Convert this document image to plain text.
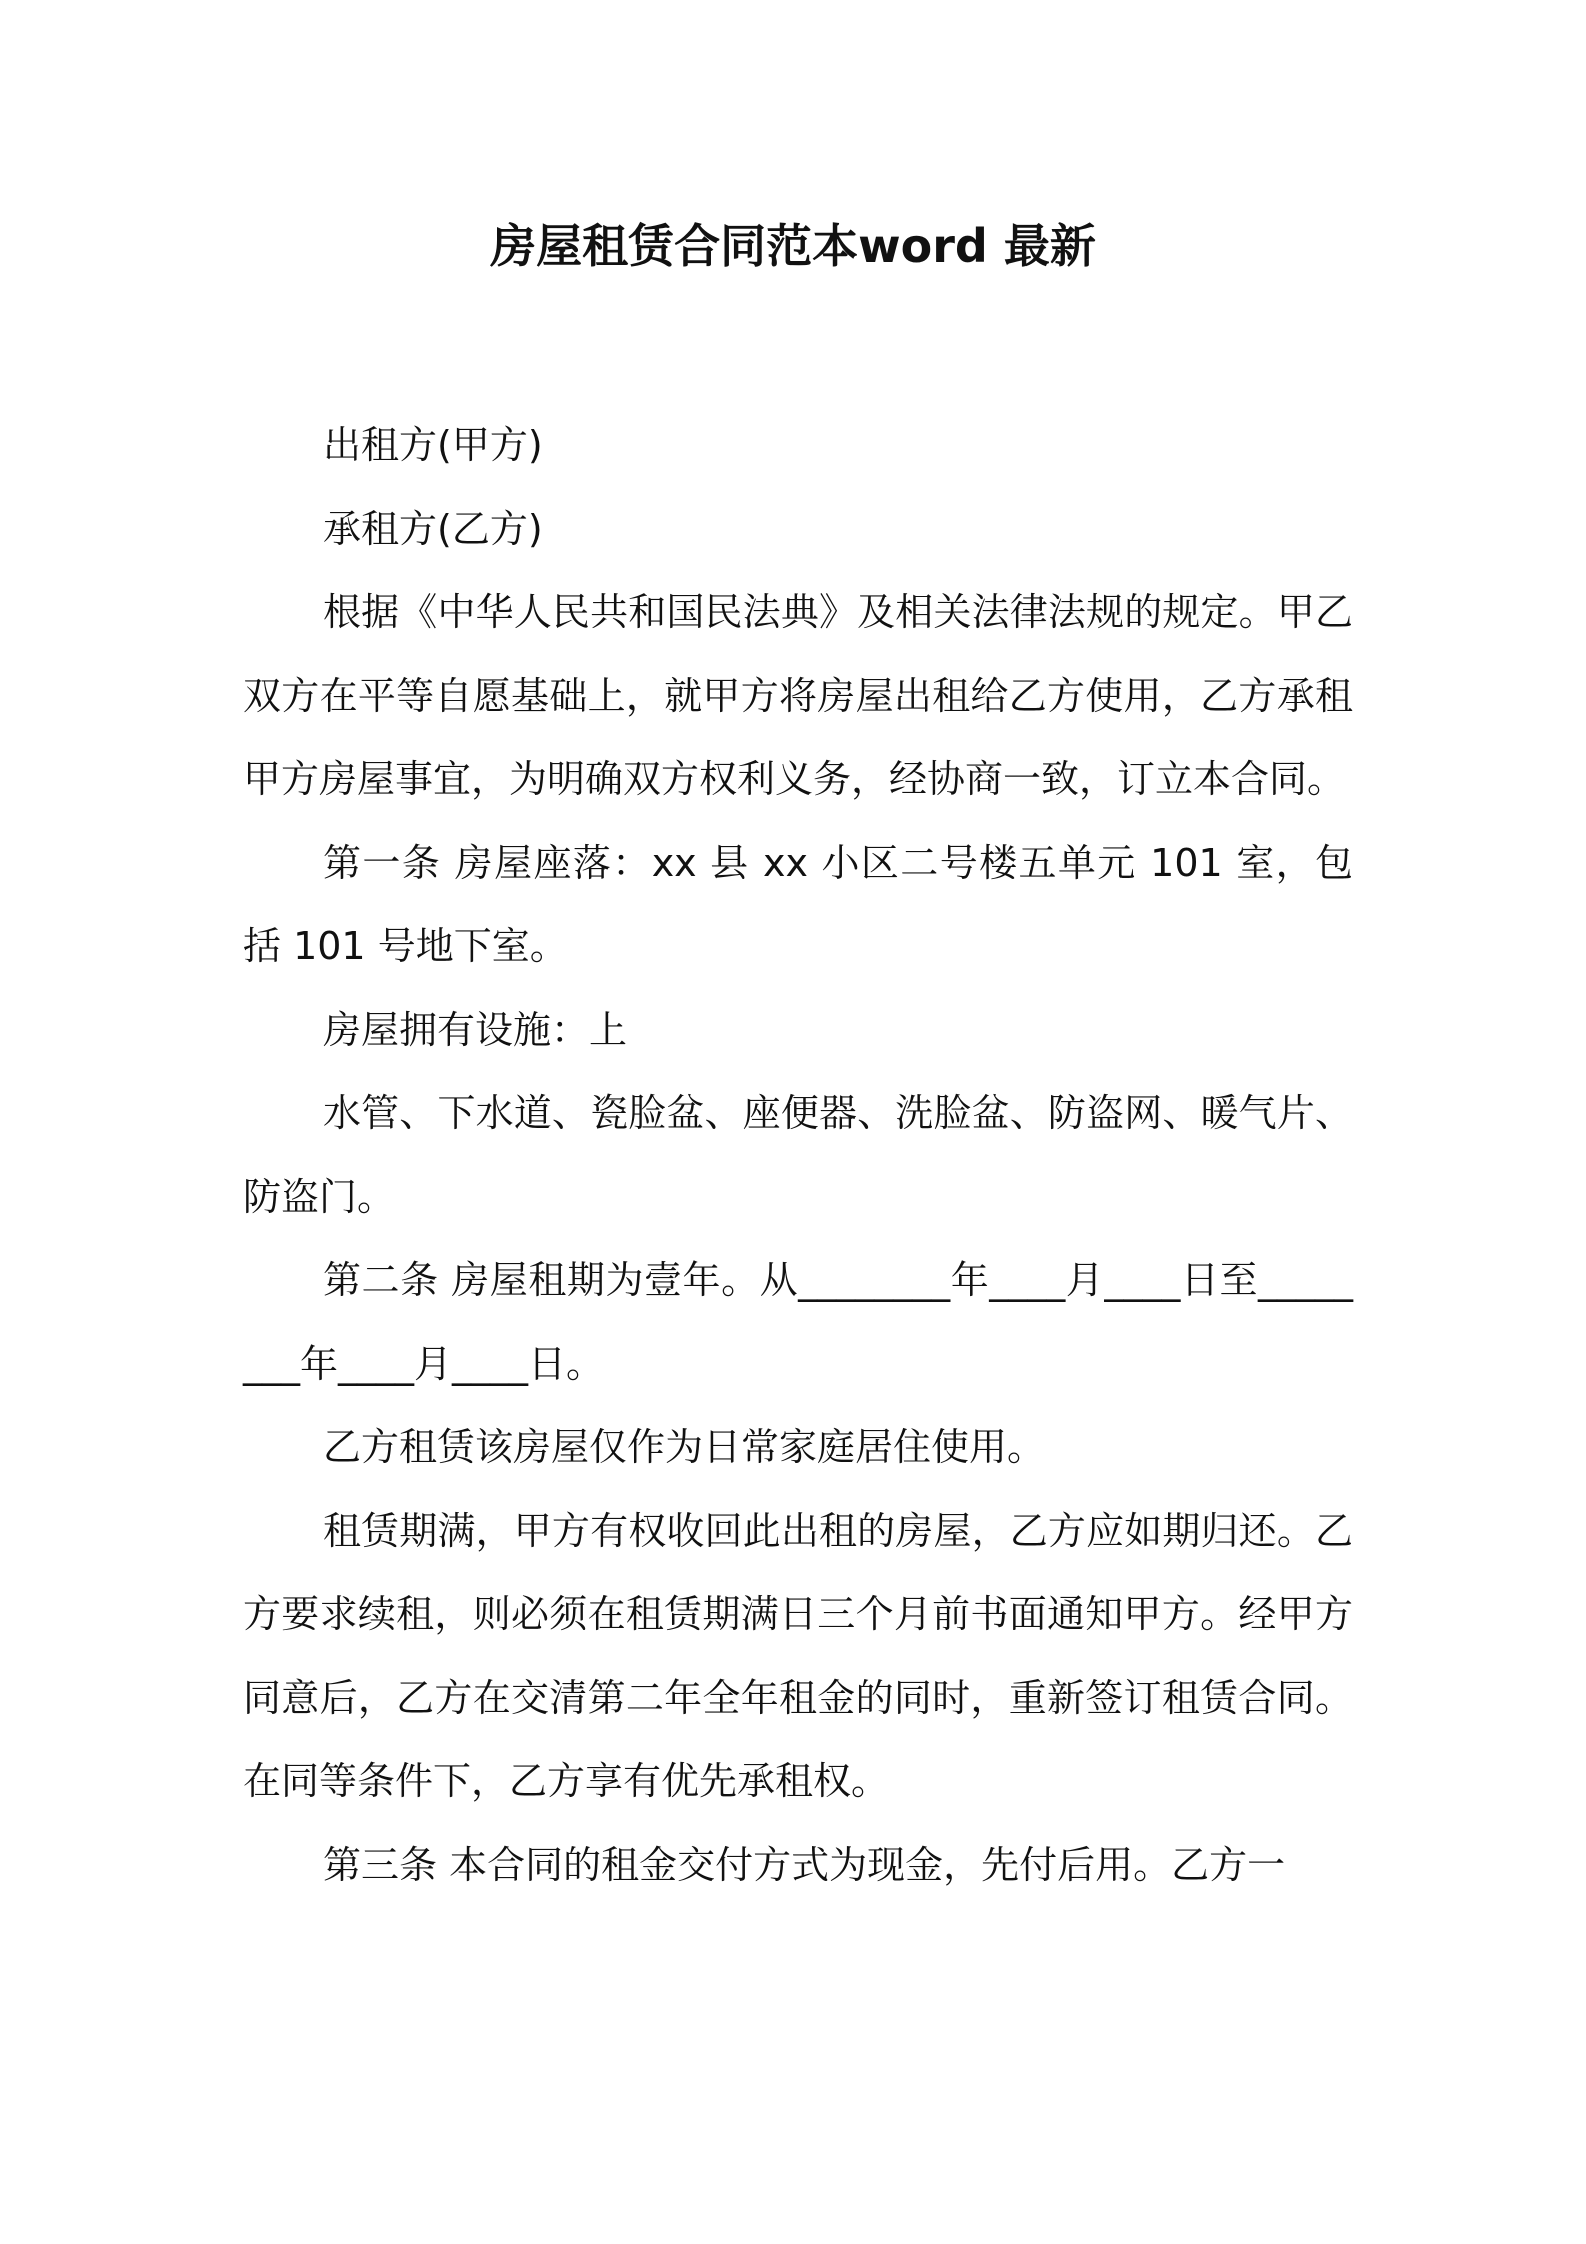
房屋租赁合同范本word 最新

出租方(甲方)

承租方(乙方)

根据《中华人民共和国民法典》及相关法律法规的规定。甲乙双方在平等自愿基础上，就甲方将房屋出租给乙方使用，乙方承租甲方房屋事宜，为明确双方权利义务，经协商一致，订立本合同。

第一条 房屋座落：xx 县 xx 小区二号楼五单元 101 室，包括 101 号地下室。

房屋拥有设施：上

水管、下水道、瓷脸盆、座便器、洗脸盆、防盗网、暖气片、防盗门。

第二条 房屋租期为壹年。从________年____月____日至________年____月____日。

乙方租赁该房屋仅作为日常家庭居住使用。

租赁期满，甲方有权收回此出租的房屋，乙方应如期归还。乙方要求续租，则必须在租赁期满日三个月前书面通知甲方。经甲方同意后，乙方在交清第二年全年租金的同时，重新签订租赁合同。在同等条件下，乙方享有优先承租权。

第三条 本合同的租金交付方式为现金，先付后用。乙方一
